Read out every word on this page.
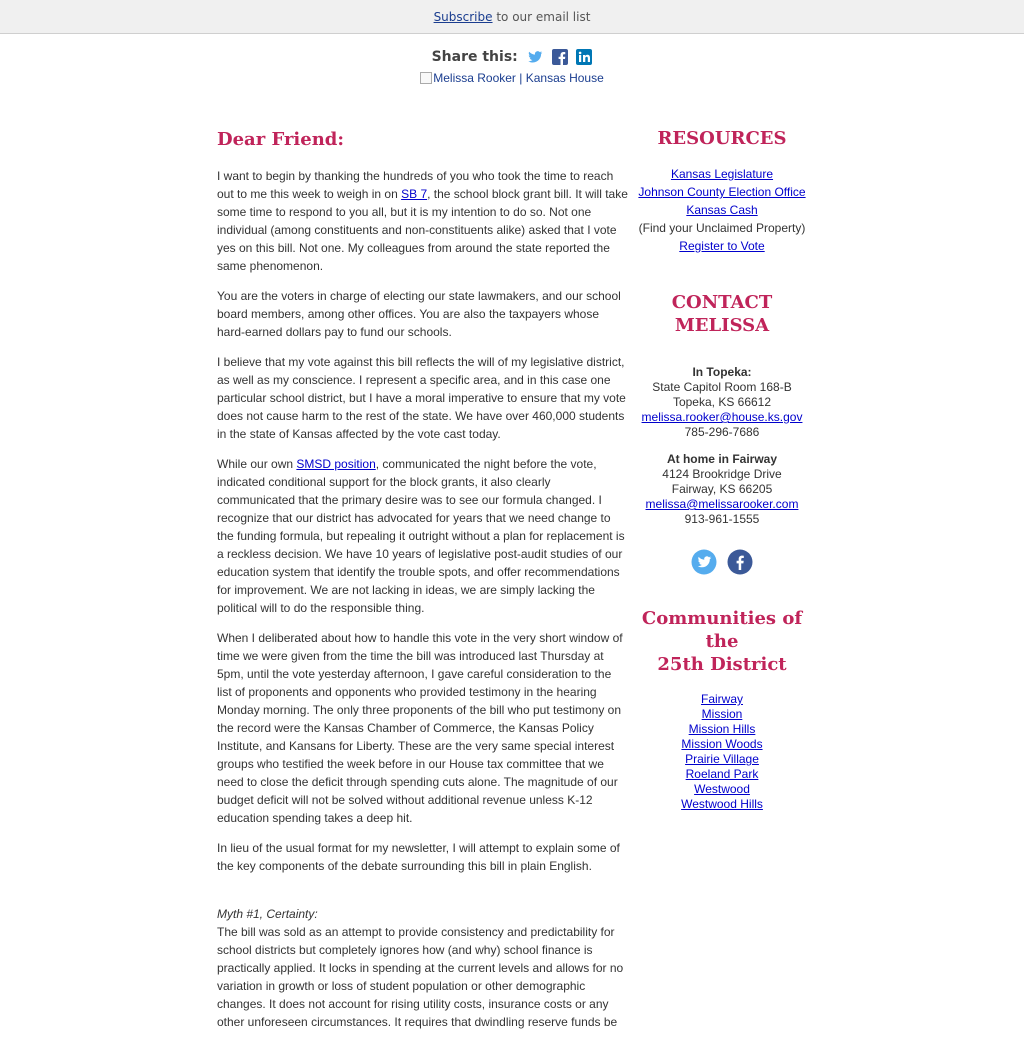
Subscribe to our email list
Share this:
Melissa Rooker | Kansas House
Dear Friend:

I want to begin by thanking the hundreds of you who took the time to reach out to me this week to weigh in on SB 7, the school block grant bill. It will take some time to respond to you all, but it is my intention to do so. Not one individual (among constituents and non-constituents alike) asked that I vote yes on this bill. Not one. My colleagues from around the state reported the same phenomenon.

You are the voters in charge of electing our state lawmakers, and our school board members, among other offices. You are also the taxpayers whose hard-earned dollars pay to fund our schools.

I believe that my vote against this bill reflects the will of my legislative district, as well as my conscience. I represent a specific area, and in this case one particular school district, but I have a moral imperative to ensure that my vote does not cause harm to the rest of the state. We have over 460,000 students in the state of Kansas affected by the vote cast today.

While our own SMSD position, communicated the night before the vote, indicated conditional support for the block grants, it also clearly communicated that the primary desire was to see our formula changed. I recognize that our district has advocated for years that we need change to the funding formula, but repealing it outright without a plan for replacement is a reckless decision. We have 10 years of legislative post-audit studies of our education system that identify the trouble spots, and offer recommendations for improvement. We are not lacking in ideas, we are simply lacking the political will to do the responsible thing.

When I deliberated about how to handle this vote in the very short window of time we were given from the time the bill was introduced last Thursday at 5pm, until the vote yesterday afternoon, I gave careful consideration to the list of proponents and opponents who provided testimony in the hearing Monday morning. The only three proponents of the bill who put testimony on the record were the Kansas Chamber of Commerce, the Kansas Policy Institute, and Kansans for Liberty. These are the very same special interest groups who testified the week before in our House tax committee that we need to close the deficit through spending cuts alone. The magnitude of our budget deficit will not be solved without additional revenue unless K-12 education spending takes a deep hit.

In lieu of the usual format for my newsletter, I will attempt to explain some of the key components of the debate surrounding this bill in plain English.

Myth #1, Certainty:

The bill was sold as an attempt to provide consistency and predictability for school districts but completely ignores how (and why) school finance is practically applied. It locks in spending at the current levels and allows for no variation in growth or loss of student population or other demographic changes. It does not account for rising utility costs, insurance costs or any other unforeseen circumstances. It requires that dwindling reserve funds be

RESOURCES
Kansas Legislature
Johnson County Election Office
Kansas Cash
(Find your Unclaimed Property)
Register to Vote
CONTACT
MELISSA
In Topeka:
State Capitol Room 168-B
Topeka, KS 66612
melissa.rooker@house.ks.gov
785-296-7686
At home in Fairway
4124 Brookridge Drive
Fairway, KS 66205
melissa@melissarooker.com
913-961-1555

Communities of the
25th District
Fairway
Mission
Mission Hills
Mission Woods
Prairie Village
Roeland Park
Westwood
Westwood Hills
